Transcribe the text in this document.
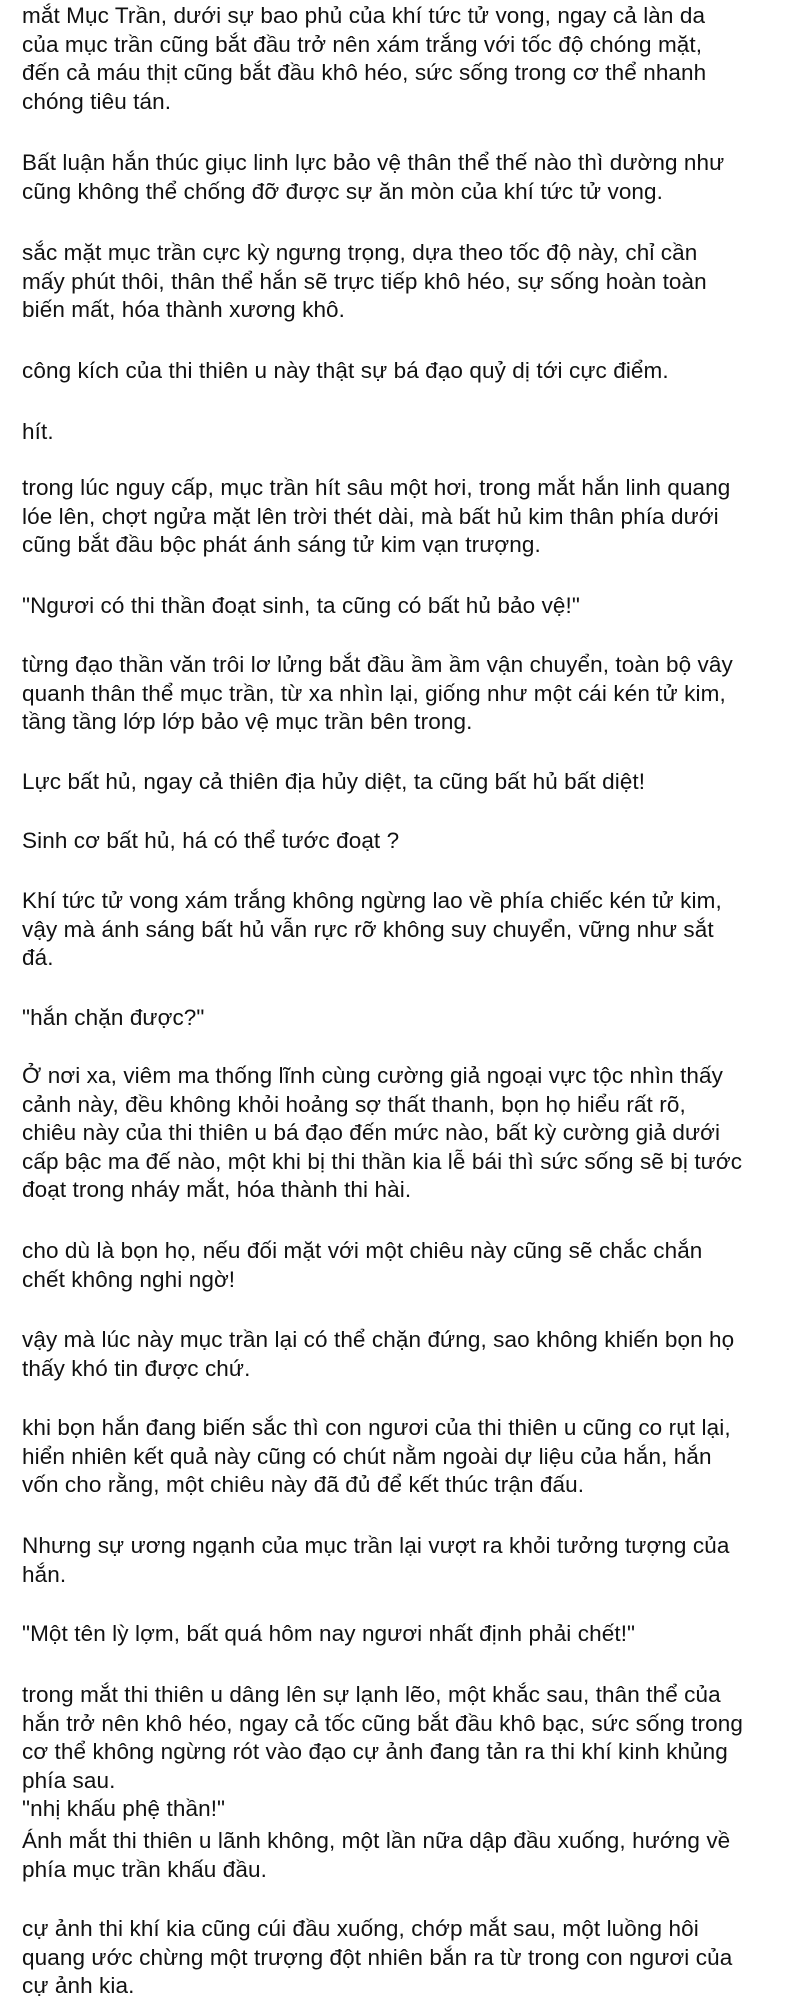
mắt Mục Trần, dưới sự bao phủ của khí tức tử vong, ngay cả làn da
của mục trần cũng bắt đầu trở nên xám trắng với tốc độ chóng mặt,
đến cả máu thịt cũng bắt đầu khô héo, sức sống trong cơ thể nhanh
chóng tiêu tán.
Bất luận hắn thúc giục linh lực bảo vệ thân thể thế nào thì dường như
cũng không thể chống đỡ được sự ăn mòn của khí tức tử vong.
sắc mặt mục trần cực kỳ ngưng trọng, dựa theo tốc độ này, chỉ cần
mấy phút thôi, thân thể hắn sẽ trực tiếp khô héo, sự sống hoàn toàn
biến mất, hóa thành xương khô.
công kích của thi thiên u này thật sự bá đạo quỷ dị tới cực điểm.
hít.
trong lúc nguy cấp, mục trần hít sâu một hơi, trong mắt hắn linh quang
lóe lên, chợt ngửa mặt lên trời thét dài, mà bất hủ kim thân phía dưới
cũng bắt đầu bộc phát ánh sáng tử kim vạn trượng.
"Ngươi có thi thần đoạt sinh, ta cũng có bất hủ bảo vệ!"
từng đạo thần văn trôi lơ lửng bắt đầu ầm ầm vận chuyển, toàn bộ vây
quanh thân thể mục trần, từ xa nhìn lại, giống như một cái kén tử kim,
tầng tầng lớp lớp bảo vệ mục trần bên trong.
Lực bất hủ, ngay cả thiên địa hủy diệt, ta cũng bất hủ bất diệt!
Sinh cơ bất hủ, há có thể tước đoạt ?
Khí tức tử vong xám trắng không ngừng lao về phía chiếc kén tử kim,
vậy mà ánh sáng bất hủ vẫn rực rỡ không suy chuyển, vững như sắt
đá.
"hắn chặn được?"
Ở nơi xa, viêm ma thống lĩnh cùng cường giả ngoại vực tộc nhìn thấy
cảnh này, đều không khỏi hoảng sợ thất thanh, bọn họ hiểu rất rõ,
chiêu này của thi thiên u bá đạo đến mức nào, bất kỳ cường giả dưới
cấp bậc ma đế nào, một khi bị thi thần kia lễ bái thì sức sống sẽ bị tước
đoạt trong nháy mắt, hóa thành thi hài.
cho dù là bọn họ, nếu đối mặt với một chiêu này cũng sẽ chắc chắn
chết không nghi ngờ!
vậy mà lúc này mục trần lại có thể chặn đứng, sao không khiến bọn họ
thấy khó tin được chứ.
khi bọn hắn đang biến sắc thì con ngươi của thi thiên u cũng co rụt lại,
hiển nhiên kết quả này cũng có chút nằm ngoài dự liệu của hắn, hắn
vốn cho rằng, một chiêu này đã đủ để kết thúc trận đấu.
Nhưng sự ương ngạnh của mục trần lại vượt ra khỏi tưởng tượng của
hắn.
"Một tên lỳ lợm, bất quá hôm nay ngươi nhất định phải chết!"
trong mắt thi thiên u dâng lên sự lạnh lẽo, một khắc sau, thân thể của
hắn trở nên khô héo, ngay cả tốc cũng bắt đầu khô bạc, sức sống trong
cơ thể không ngừng rót vào đạo cự ảnh đang tản ra thi khí kinh khủng
phía sau.
"nhị khấu phệ thần!"
Ánh mắt thi thiên u lãnh không, một lần nữa dập đầu xuống, hướng về
phía mục trần khấu đầu.
cự ảnh thi khí kia cũng cúi đầu xuống, chớp mắt sau, một luồng hôi
quang ước chừng một trượng đột nhiên bắn ra từ trong con ngươi của
cự ảnh kia.
